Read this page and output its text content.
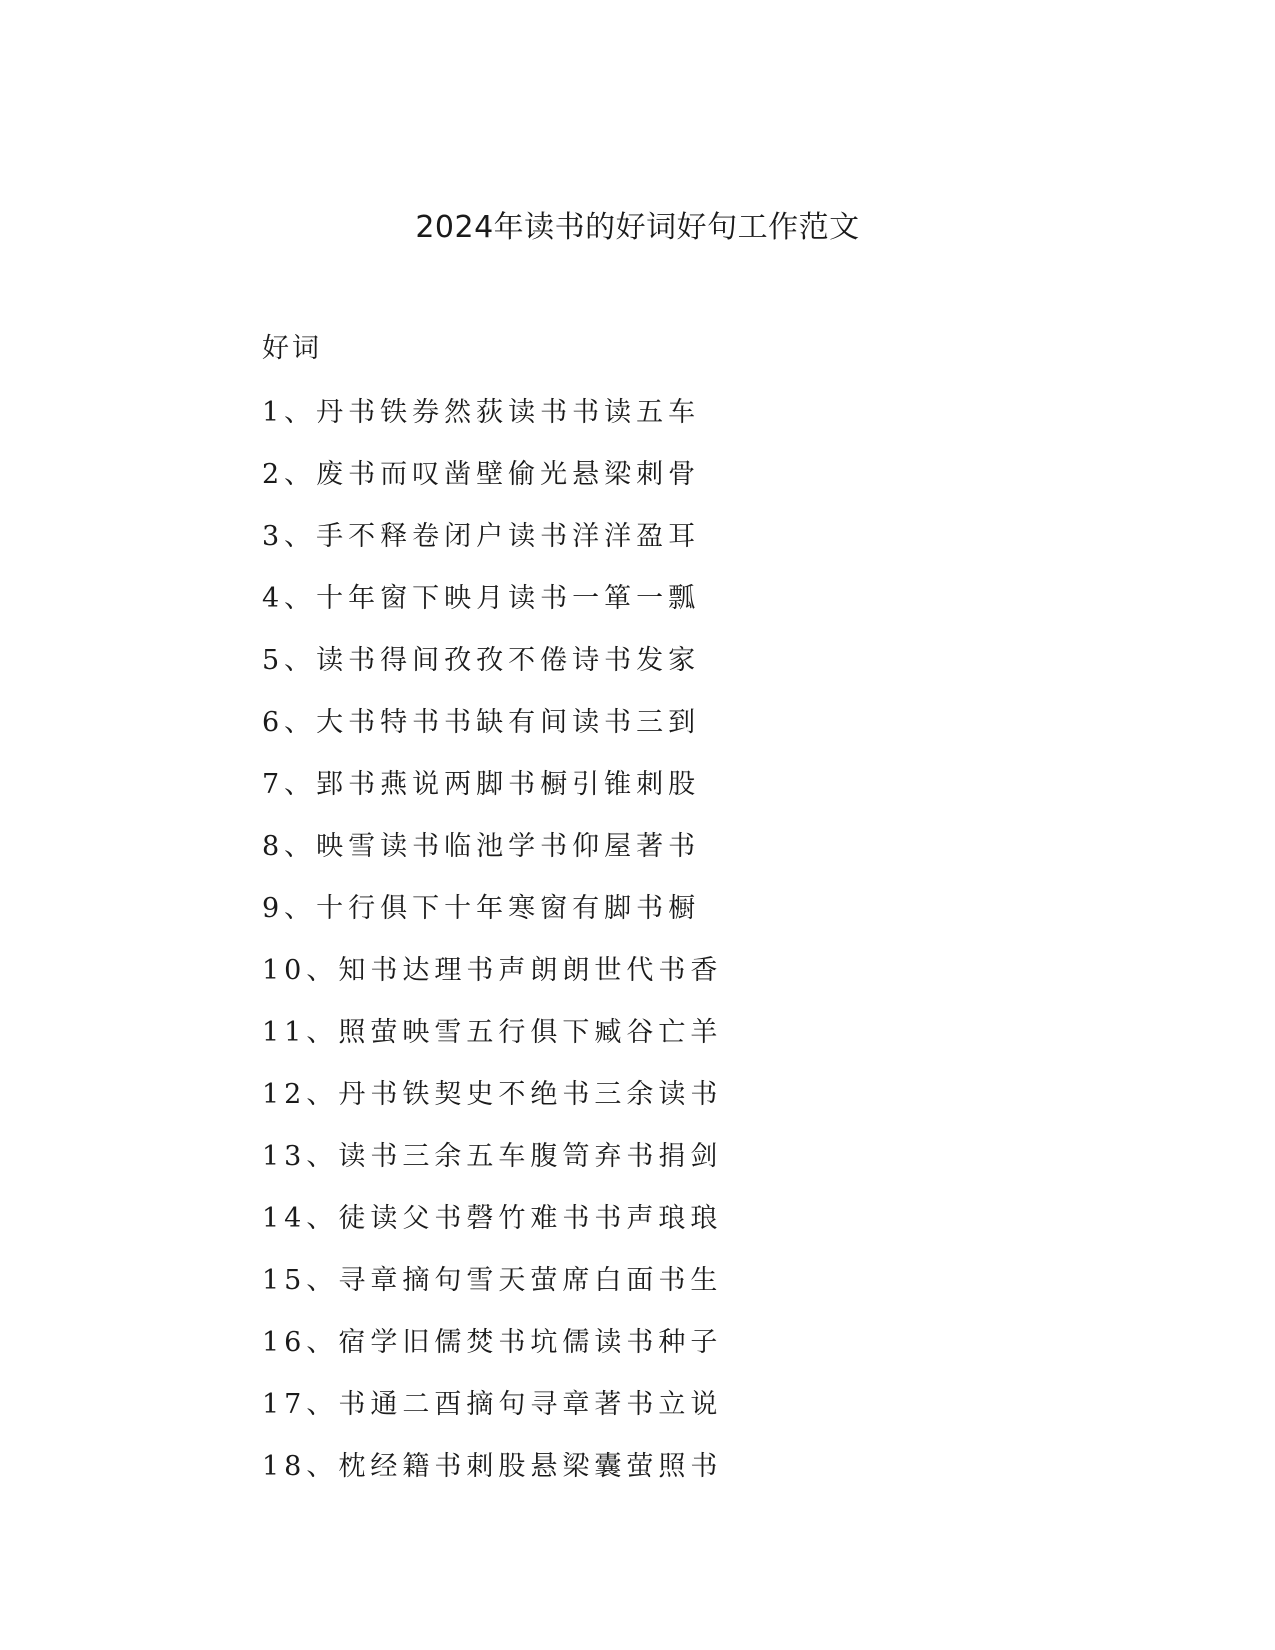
2024年读书的好词好句工作范文
好词
1、丹书铁券然荻读书书读五车
2、废书而叹凿壁偷光悬梁刺骨
3、手不释卷闭户读书洋洋盈耳
4、十年窗下映月读书一箪一瓢
5、读书得间孜孜不倦诗书发家
6、大书特书书缺有间读书三到
7、郢书燕说两脚书橱引锥刺股
8、映雪读书临池学书仰屋著书
9、十行俱下十年寒窗有脚书橱
10、知书达理书声朗朗世代书香
11、照萤映雪五行俱下臧谷亡羊
12、丹书铁契史不绝书三余读书
13、读书三余五车腹笥弃书捐剑
14、徒读父书磬竹难书书声琅琅
15、寻章摘句雪天萤席白面书生
16、宿学旧儒焚书坑儒读书种子
17、书通二酉摘句寻章著书立说
18、枕经籍书刺股悬梁囊萤照书
